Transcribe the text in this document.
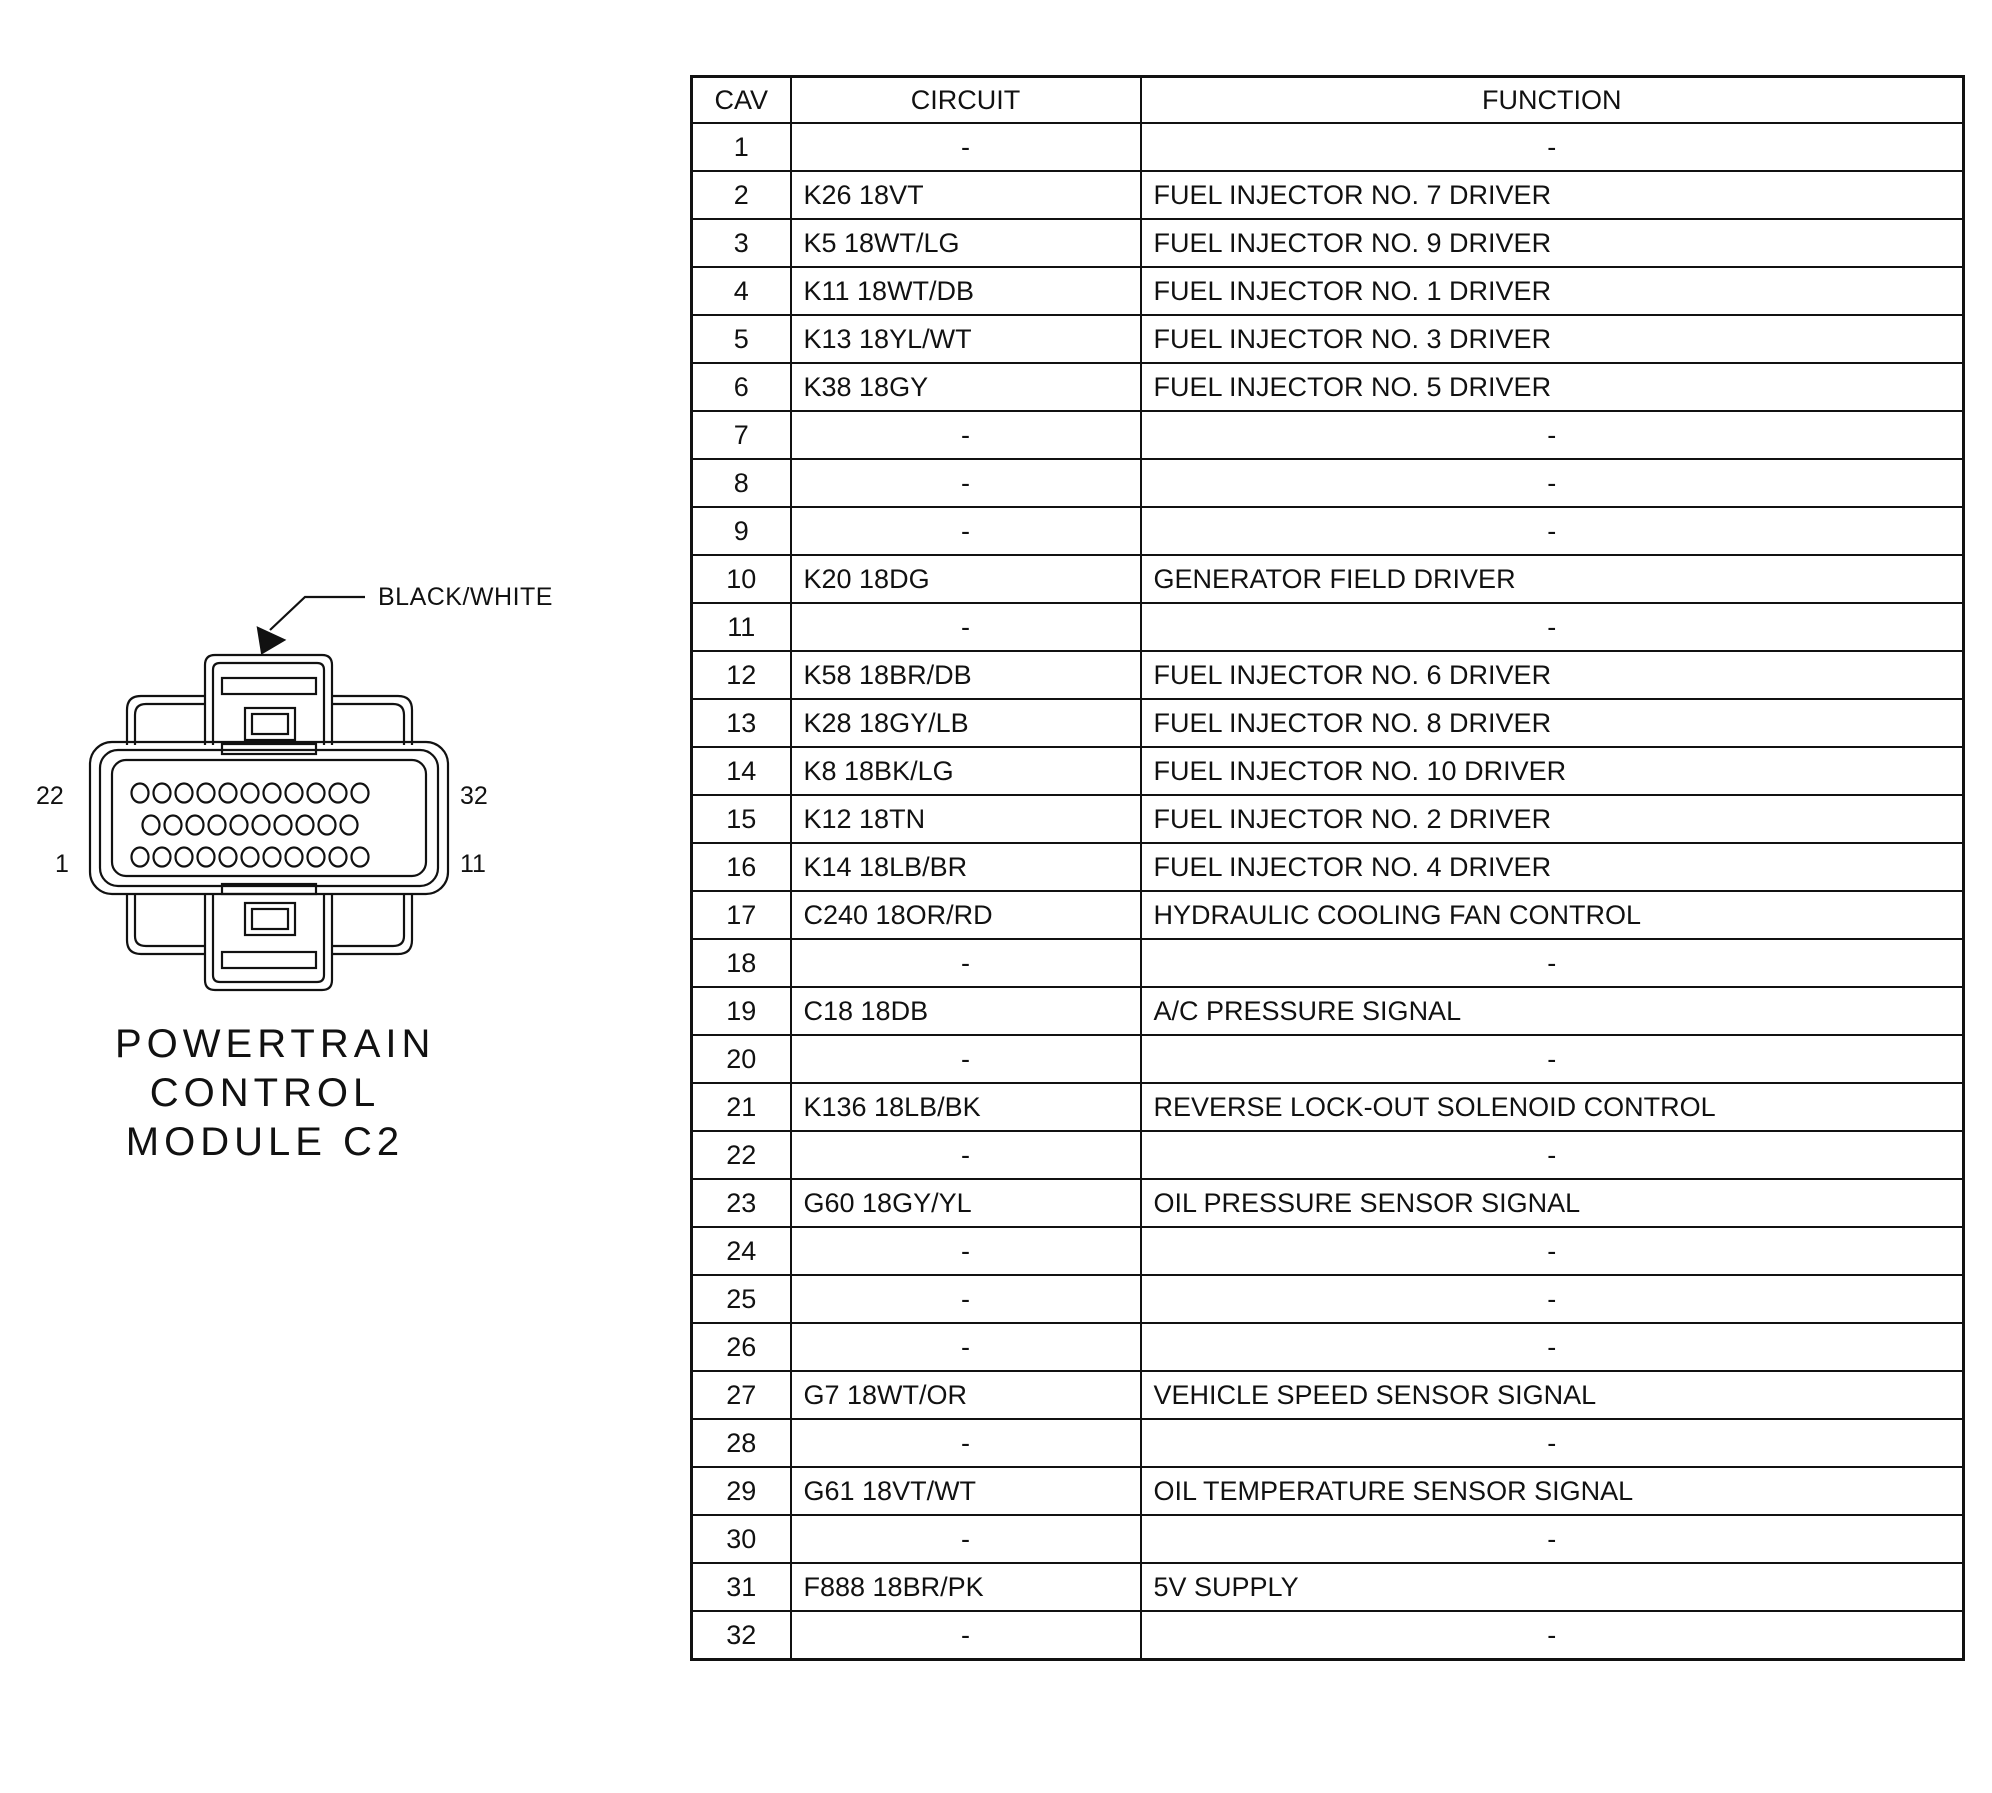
BLACK/WHITE
22	32
1	11
POWERTRAIN
CONTROL
MODULE C2
CAV	CIRCUIT	FUNCTION
1	-	-
2	K26 18VT	FUEL INJECTOR NO. 7 DRIVER
3	K5 18WT/LG	FUEL INJECTOR NO. 9 DRIVER
4	K11 18WT/DB	FUEL INJECTOR NO. 1 DRIVER
5	K13 18YL/WT	FUEL INJECTOR NO. 3 DRIVER
6	K38 18GY	FUEL INJECTOR NO. 5 DRIVER
7	-	-
8	-	-
9	-	-
10	K20 18DG	GENERATOR FIELD DRIVER
11	-	-
12	K58 18BR/DB	FUEL INJECTOR NO. 6 DRIVER
13	K28 18GY/LB	FUEL INJECTOR NO. 8 DRIVER
14	K8 18BK/LG	FUEL INJECTOR NO. 10 DRIVER
15	K12 18TN	FUEL INJECTOR NO. 2 DRIVER
16	K14 18LB/BR	FUEL INJECTOR NO. 4 DRIVER
17	C240 18OR/RD	HYDRAULIC COOLING FAN CONTROL
18	-	-
19	C18 18DB	A/C PRESSURE SIGNAL
20	-	-
21	K136 18LB/BK	REVERSE LOCK-OUT SOLENOID CONTROL
22	-	-
23	G60 18GY/YL	OIL PRESSURE SENSOR SIGNAL
24	-	-
25	-	-
26	-	-
27	G7 18WT/OR	VEHICLE SPEED SENSOR SIGNAL
28	-	-
29	G61 18VT/WT	OIL TEMPERATURE SENSOR SIGNAL
30	-	-
31	F888 18BR/PK	5V SUPPLY
32	-	-
